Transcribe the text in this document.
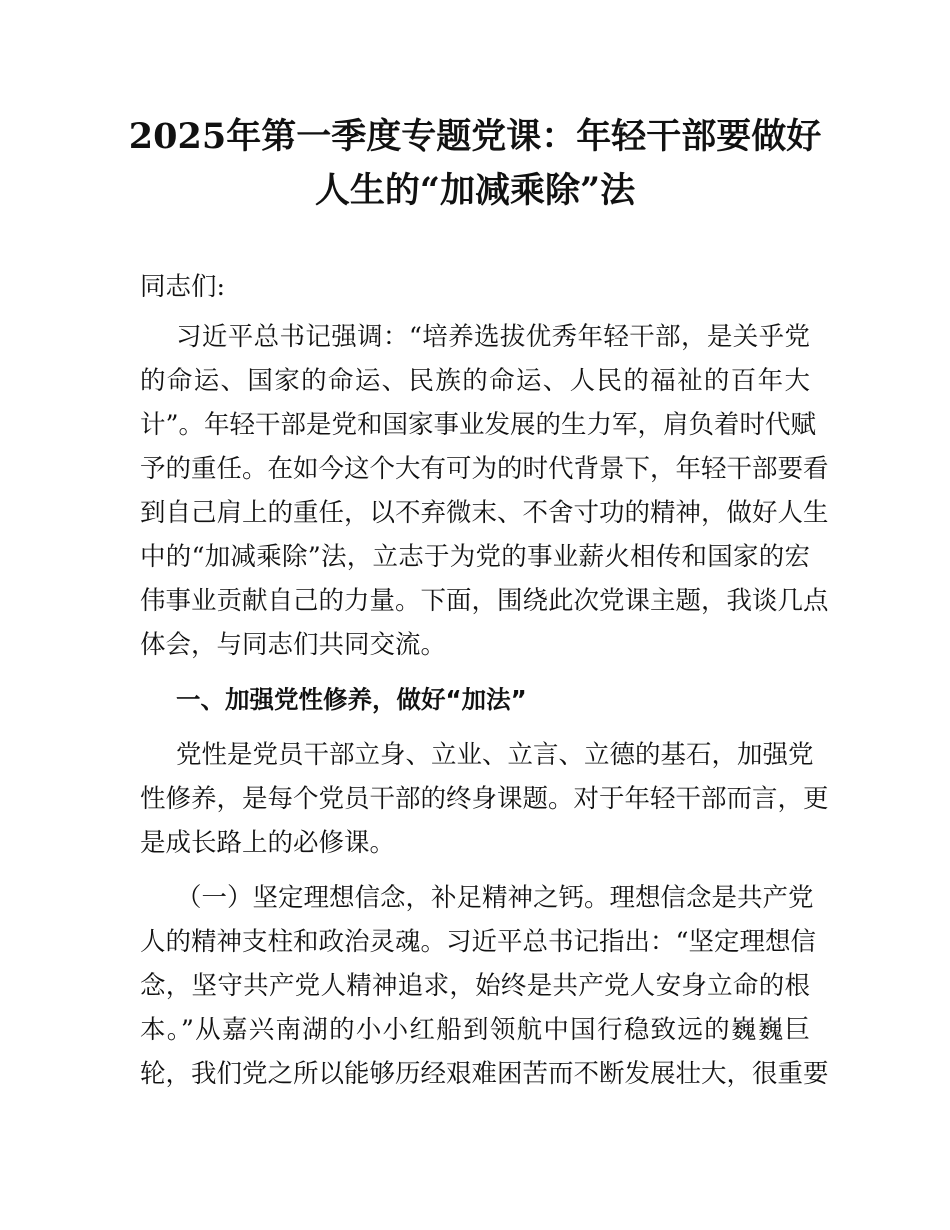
2025年第一季度专题党课：年轻干部要做好
人生的“加减乘除”法
同志们:
习近平总书记强调：“培养选拔优秀年轻干部，是关乎党
的命运、国家的命运、民族的命运、人民的福祉的百年大
计”。年轻干部是党和国家事业发展的生力军，肩负着时代赋
予的重任。在如今这个大有可为的时代背景下，年轻干部要看
到自己肩上的重任，以不弃微末、不舍寸功的精神，做好人生
中的“加减乘除”法，立志于为党的事业薪火相传和国家的宏
伟事业贡献自己的力量。下面，围绕此次党课主题，我谈几点
体会，与同志们共同交流。
一、加强党性修养，做好“加法”
党性是党员干部立身、立业、立言、立德的基石，加强党
性修养，是每个党员干部的终身课题。对于年轻干部而言，更
是成长路上的必修课。
（一）坚定理想信念，补足精神之钙。理想信念是共产党
人的精神支柱和政治灵魂。习近平总书记指出：“坚定理想信
念，坚守共产党人精神追求，始终是共产党人安身立命的根
本。”从嘉兴南湖的小小红船到领航中国行稳致远的巍巍巨
轮，我们党之所以能够历经艰难困苦而不断发展壮大，很重要
